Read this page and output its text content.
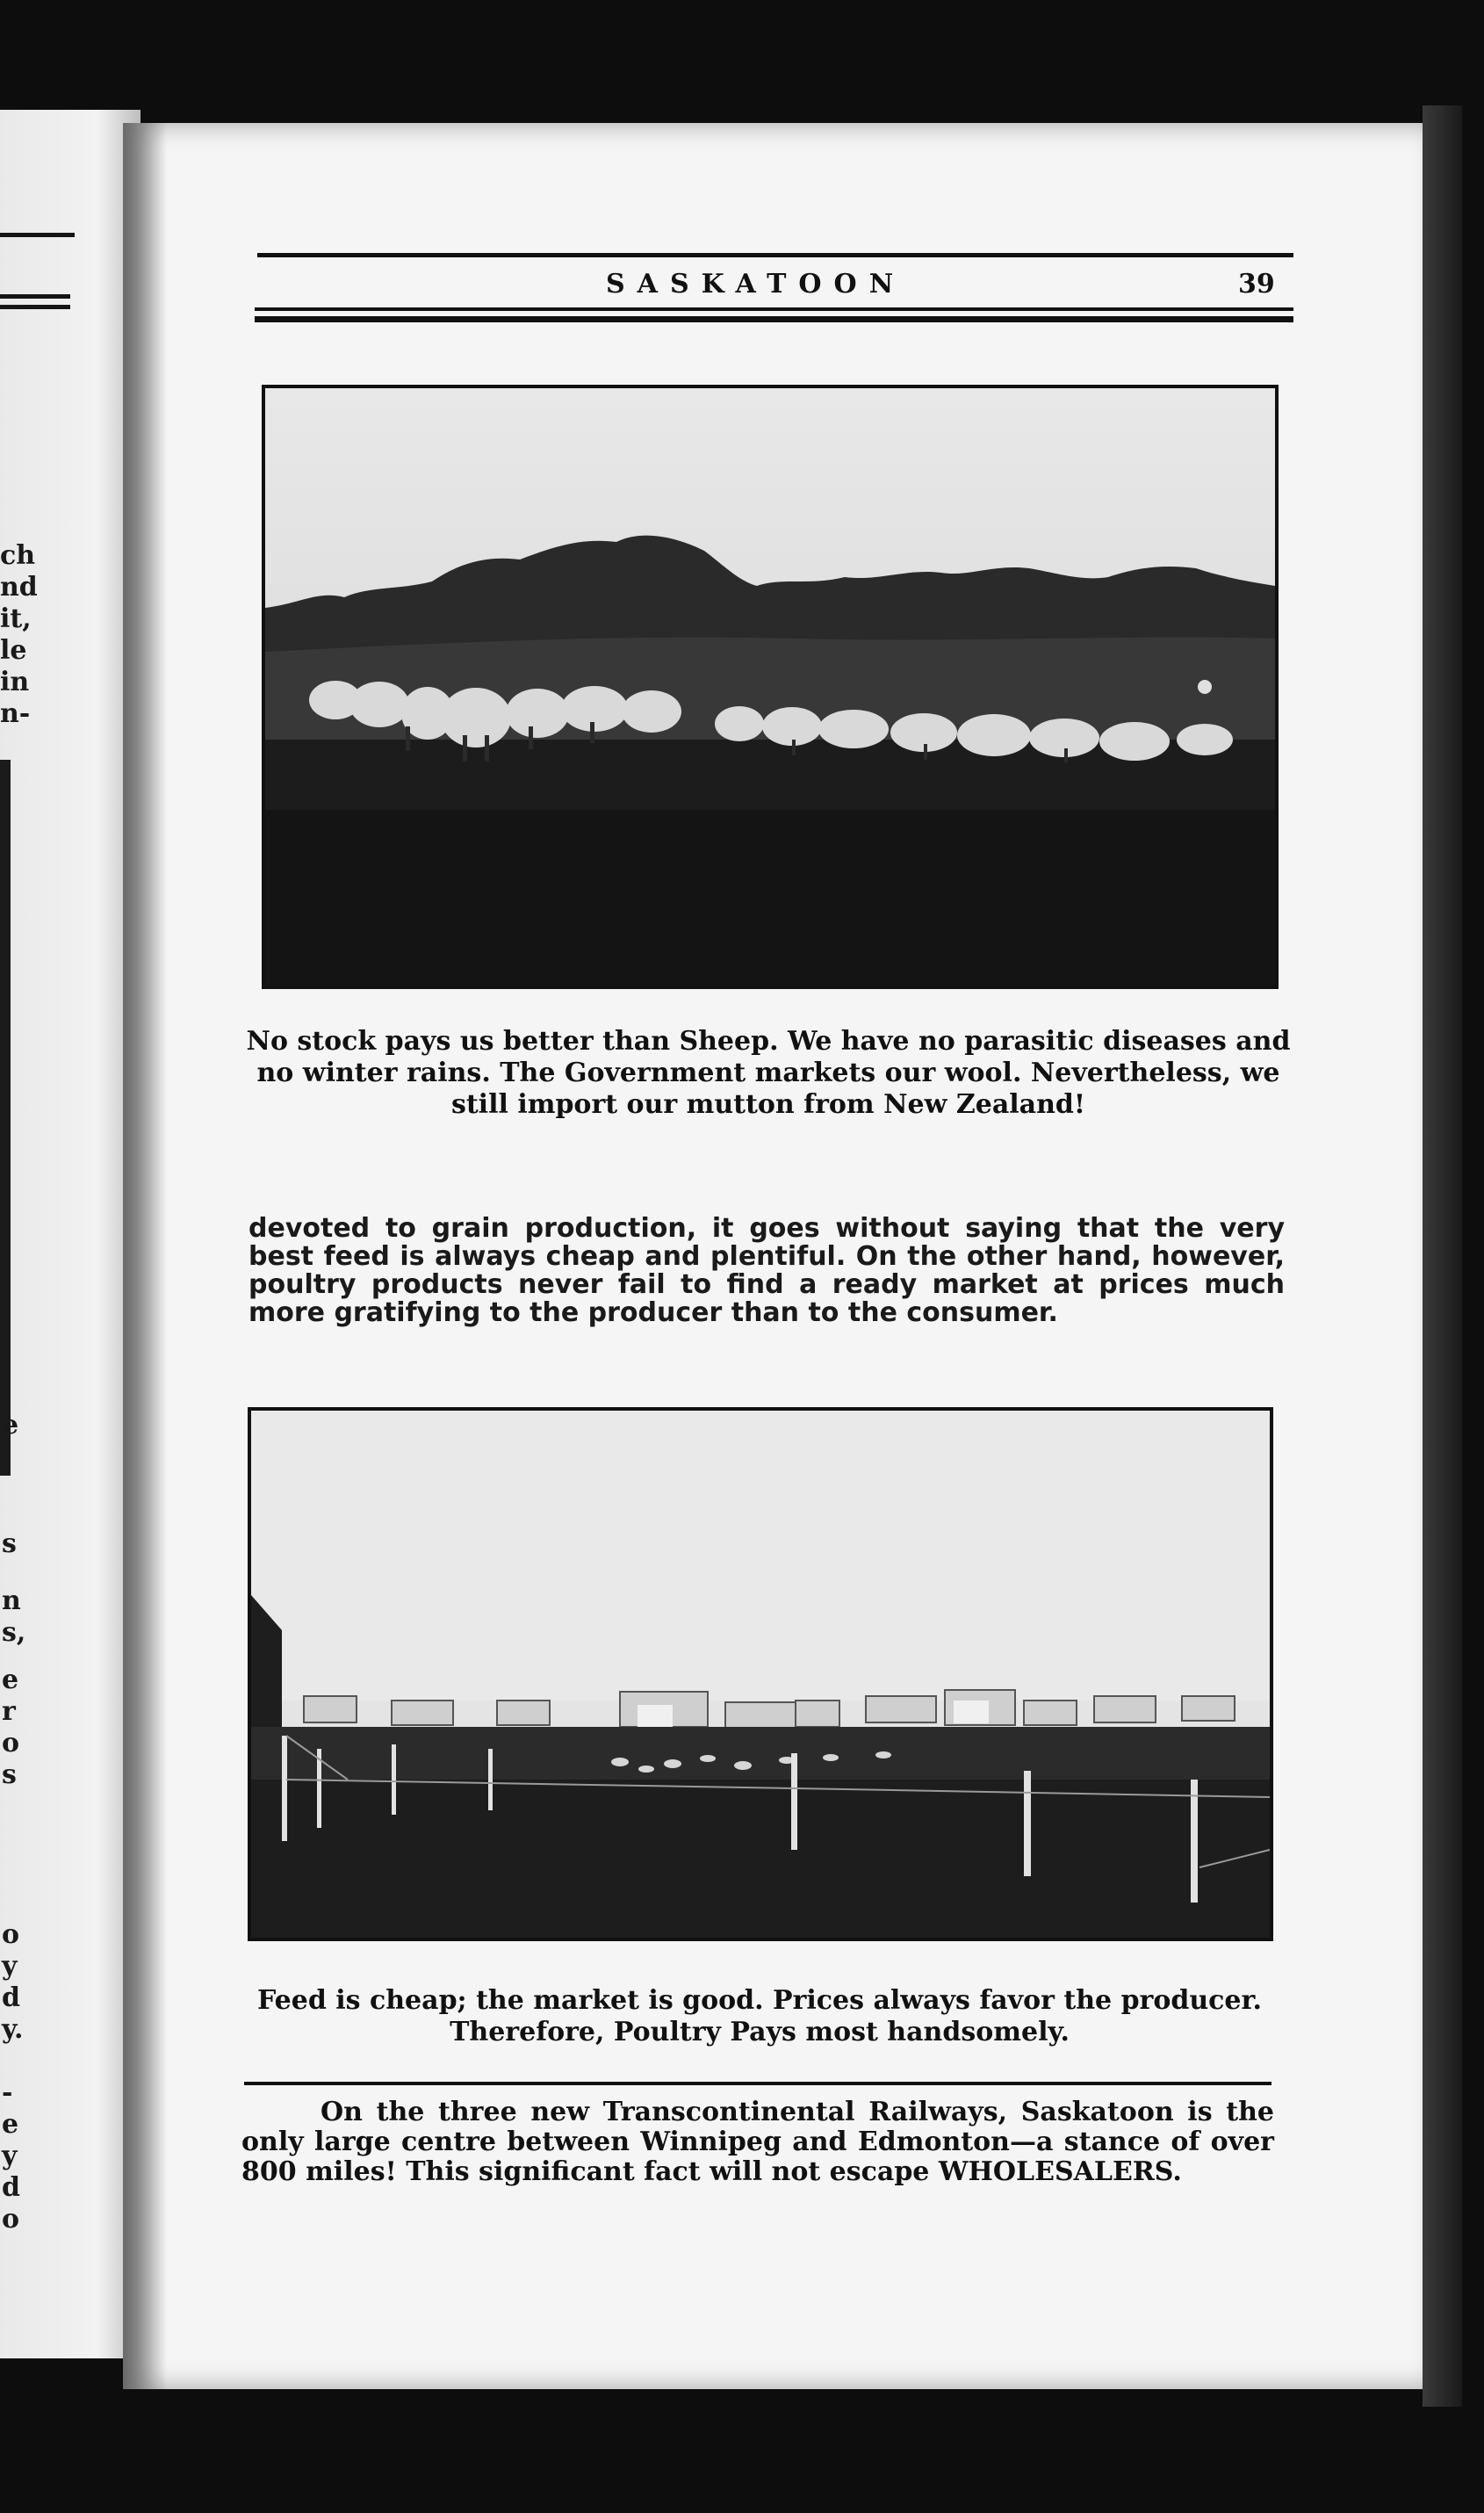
ch
nd
it,
le
in
n-
e
s
n
s,
e
r
o
s
o
y
d
y.
-
e
y
d
o
SASKATOON	39
No stock pays us better than Sheep. We have no parasitic diseases and no winter rains. The Government markets our wool. Nevertheless, we still import our mutton from New Zealand!
devoted to grain production, it goes without saying that the very best feed is always cheap and plentiful. On the other hand, however, poultry products never fail to find a ready market at prices much more gratifying to the producer than to the consumer.
Feed is cheap; the market is good. Prices always favor the producer. Therefore, Poultry Pays most handsomely.
On the three new Transcontinental Railways, Saskatoon is the only large centre between Winnipeg and Edmonton—a stance of over 800 miles! This significant fact will not escape WHOLESALERS.
